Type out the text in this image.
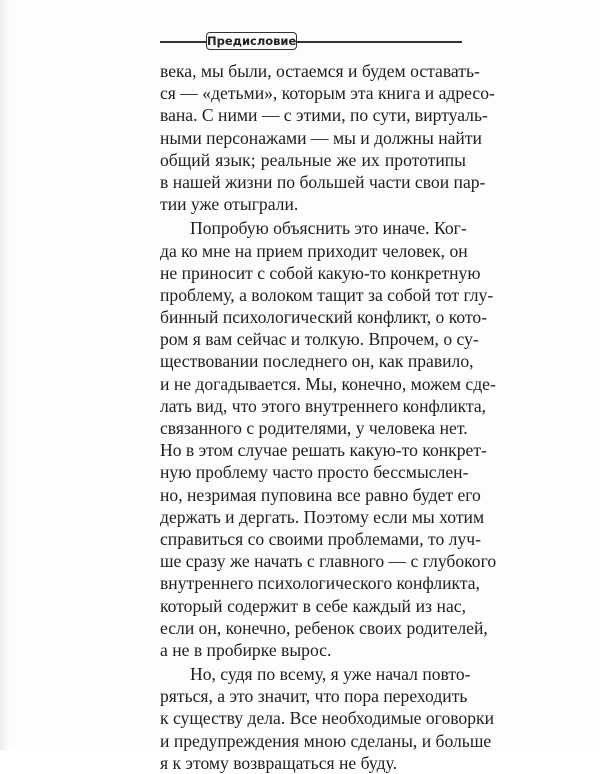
Предисловие
века, мы были, остаемся и будем оставать-
ся — «детьми», которым эта книга и адресо-
вана. С ними — с этими, по сути, виртуаль-
ными персонажами — мы и должны найти
общий язык; реальные же их прототипы
в нашей жизни по большей части свои пар-
тии уже отыграли.
Попробую объяснить это иначе. Ког-
да ко мне на прием приходит человек, он
не приносит с собой какую-то конкретную
проблему, а волоком тащит за собой тот глу-
бинный психологический конфликт, о кото-
ром я вам сейчас и толкую. Впрочем, о су-
ществовании последнего он, как правило,
и не догадывается. Мы, конечно, можем сде-
лать вид, что этого внутреннего конфликта,
связанного с родителями, у человека нет.
Но в этом случае решать какую-то конкрет-
ную проблему часто просто бессмыслен-
но, незримая пуповина все равно будет его
держать и дергать. Поэтому если мы хотим
справиться со своими проблемами, то луч-
ше сразу же начать с главного — с глубокого
внутреннего психологического конфликта,
который содержит в себе каждый из нас,
если он, конечно, ребенок своих родителей,
а не в пробирке вырос.
Но, судя по всему, я уже начал повто-
ряться, а это значит, что пора переходить
к существу дела. Все необходимые оговорки
и предупреждения мною сделаны, и больше
я к этому возвращаться не буду.
